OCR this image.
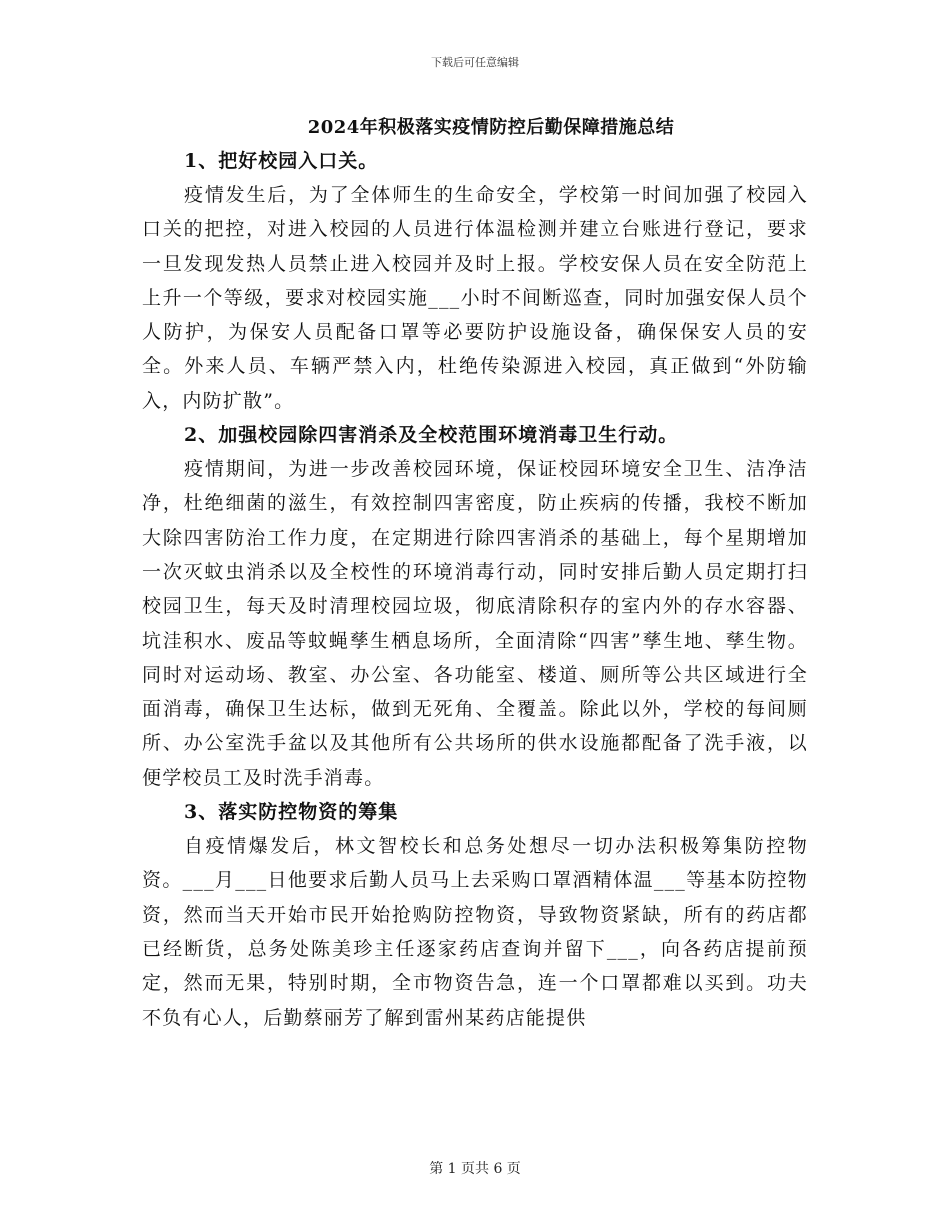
下载后可任意编辑
2024年积极落实疫情防控后勤保障措施总结
1、把好校园入口关。

疫情发生后，为了全体师生的生命安全，学校第一时间加强了校园入口关的把控，对进入校园的人员进行体温检测并建立台账进行登记，要求一旦发现发热人员禁止进入校园并及时上报。学校安保人员在安全防范上上升一个等级，要求对校园实施___小时不间断巡查，同时加强安保人员个人防护，为保安人员配备口罩等必要防护设施设备，确保保安人员的安全。外来人员、车辆严禁入内，杜绝传染源进入校园，真正做到“外防输入，内防扩散”。

2、加强校园除四害消杀及全校范围环境消毒卫生行动。

疫情期间，为进一步改善校园环境，保证校园环境安全卫生、洁净洁净，杜绝细菌的滋生，有效控制四害密度，防止疾病的传播，我校不断加大除四害防治工作力度，在定期进行除四害消杀的基础上，每个星期增加一次灭蚊虫消杀以及全校性的环境消毒行动，同时安排后勤人员定期打扫校园卫生，每天及时清理校园垃圾，彻底清除积存的室内外的存水容器、坑洼积水、废品等蚊蝇孳生栖息场所，全面清除“四害”孳生地、孳生物。同时对运动场、教室、办公室、各功能室、楼道、厕所等公共区域进行全面消毒，确保卫生达标，做到无死角、全覆盖。除此以外，学校的每间厕所、办公室洗手盆以及其他所有公共场所的供水设施都配备了洗手液，以便学校员工及时洗手消毒。

3、落实防控物资的筹集

自疫情爆发后，林文智校长和总务处想尽一切办法积极筹集防控物资。___月___日他要求后勤人员马上去采购口罩酒精体温___等基本防控物资，然而当天开始市民开始抢购防控物资，导致物资紧缺，所有的药店都已经断货，总务处陈美珍主任逐家药店查询并留下___，向各药店提前预定，然而无果，特别时期，全市物资告急，连一个口罩都难以买到。功夫不负有心人，后勤蔡丽芳了解到雷州某药店能提供

第 1 页共 6 页
